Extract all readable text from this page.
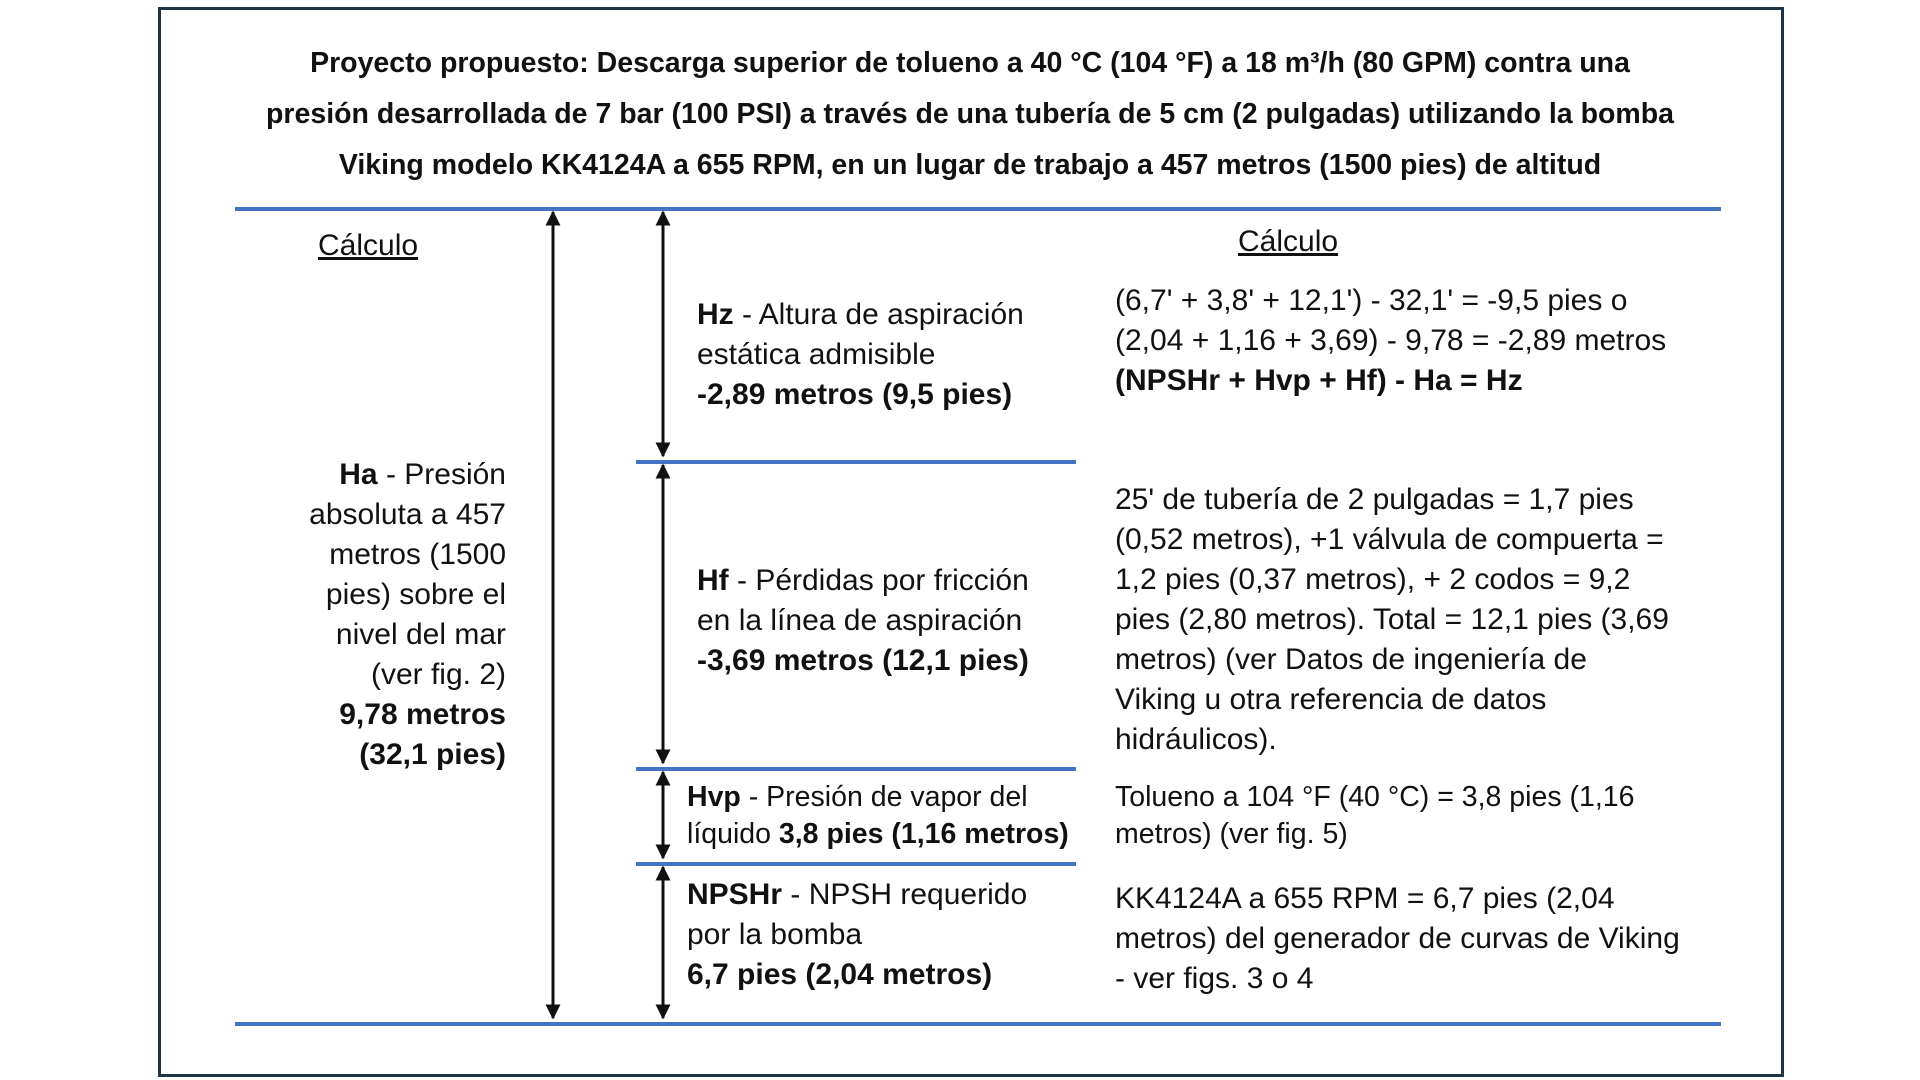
Proyecto propuesto: Descarga superior de tolueno a 40 °C (104 °F) a 18 m³/h (80 GPM) contra una
presión desarrollada de 7 bar (100 PSI) a través de una tubería de 5 cm (2 pulgadas) utilizando la bomba
Viking modelo KK4124A a 655 RPM, en un lugar de trabajo a 457 metros (1500 pies) de altitud
Cálculo	Cálculo
Ha - Presión
absoluta a 457
metros (1500
pies) sobre el
nivel del mar
(ver fig. 2)
9,78 metros
(32,1 pies)
Hz - Altura de aspiración
estática admisible
-2,89 metros (9,5 pies)
(6,7' + 3,8' + 12,1') - 32,1' = -9,5 pies o
(2,04 + 1,16 + 3,69) - 9,78 = -2,89 metros
(NPSHr + Hvp + Hf) - Ha = Hz
Hf - Pérdidas por fricción
en la línea de aspiración
-3,69 metros (12,1 pies)
25' de tubería de 2 pulgadas = 1,7 pies
(0,52 metros), +1 válvula de compuerta =
1,2 pies (0,37 metros), + 2 codos = 9,2
pies (2,80 metros). Total = 12,1 pies (3,69
metros) (ver Datos de ingeniería de
Viking u otra referencia de datos
hidráulicos).
Hvp - Presión de vapor del
líquido 3,8 pies (1,16 metros)
Tolueno a 104 °F (40 °C) = 3,8 pies (1,16
metros) (ver fig. 5)
NPSHr - NPSH requerido
por la bomba
6,7 pies (2,04 metros)
KK4124A a 655 RPM = 6,7 pies (2,04
metros) del generador de curvas de Viking
- ver figs. 3 o 4
